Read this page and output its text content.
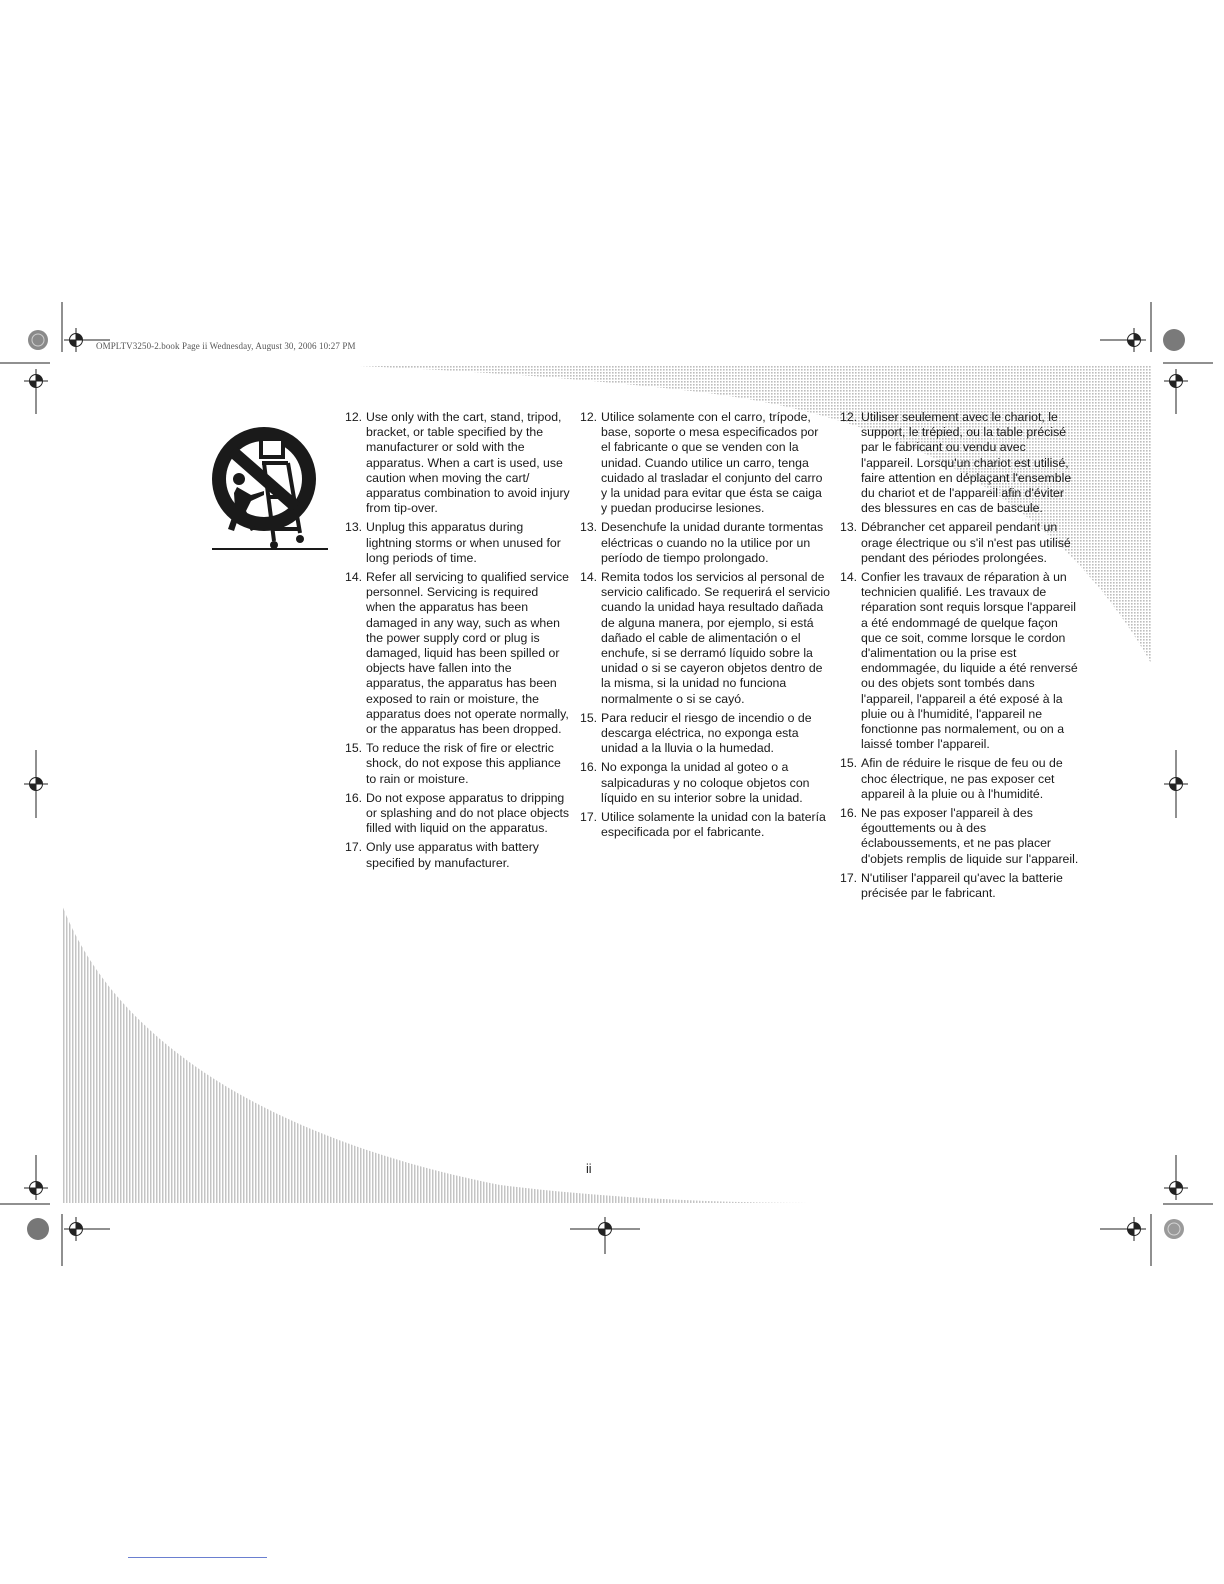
OMPLTV3250-2.book Page ii Wednesday, August 30, 2006 10:27 PM
12. Use only with the cart, stand, tripod, bracket, or table specified by the manufacturer or sold with the apparatus. When a cart is used, use caution when moving the cart/ apparatus combination to avoid injury from tip-over.
13. Unplug this apparatus during lightning storms or when unused for long periods of time.
14. Refer all servicing to qualified service personnel. Servicing is required when the apparatus has been damaged in any way, such as when the power supply cord or plug is damaged, liquid has been spilled or objects have fallen into the apparatus, the apparatus has been exposed to rain or moisture, the apparatus does not operate normally, or the apparatus has been dropped.
15. To reduce the risk of fire or electric shock, do not expose this appliance to rain or moisture.
16. Do not expose apparatus to dripping or splashing and do not place objects filled with liquid on the apparatus.
17. Only use apparatus with battery specified by manufacturer.
12. Utilice solamente con el carro, trípode, base, soporte o mesa especificados por el fabricante o que se venden con la unidad. Cuando utilice un carro, tenga cuidado al trasladar el conjunto del carro y la unidad para evitar que ésta se caiga y puedan producirse lesiones.
13. Desenchufe la unidad durante tormentas eléctricas o cuando no la utilice por un período de tiempo prolongado.
14. Remita todos los servicios al personal de servicio calificado. Se requerirá el servicio cuando la unidad haya resultado dañada de alguna manera, por ejemplo, si está dañado el cable de alimentación o el enchufe, si se derramó líquido sobre la unidad o si se cayeron objetos dentro de la misma, si la unidad no funciona normalmente o si se cayó.
15. Para reducir el riesgo de incendio o de descarga eléctrica, no exponga esta unidad a la lluvia o la humedad.
16. No exponga la unidad al goteo o a salpicaduras y no coloque objetos con líquido en su interior sobre la unidad.
17. Utilice solamente la unidad con la batería especificada por el fabricante.
12. Utiliser seulement avec le chariot, le support, le trépied, ou la table précisé par le fabricant ou vendu avec l'appareil. Lorsqu'un chariot est utilisé, faire attention en déplaçant l'ensemble du chariot et de l'appareil afin d'éviter des blessures en cas de bascule.
13. Débrancher cet appareil pendant un orage électrique ou s'il n'est pas utilisé pendant des périodes prolongées.
14. Confier les travaux de réparation à un technicien qualifié. Les travaux de réparation sont requis lorsque l'appareil a été endommagé de quelque façon que ce soit, comme lorsque le cordon d'alimentation ou la prise est endommagée, du liquide a été renversé ou des objets sont tombés dans l'appareil, l'appareil a été exposé à la pluie ou à l'humidité, l'appareil ne fonctionne pas normalement, ou on a laissé tomber l'appareil.
15. Afin de réduire le risque de feu ou de choc électrique, ne pas exposer cet appareil à la pluie ou à l'humidité.
16. Ne pas exposer l'appareil à des égouttements ou à des éclaboussements, et ne pas placer d'objets remplis de liquide sur l'appareil.
17. N'utiliser l'appareil qu'avec la batterie précisée par le fabricant.
ii
